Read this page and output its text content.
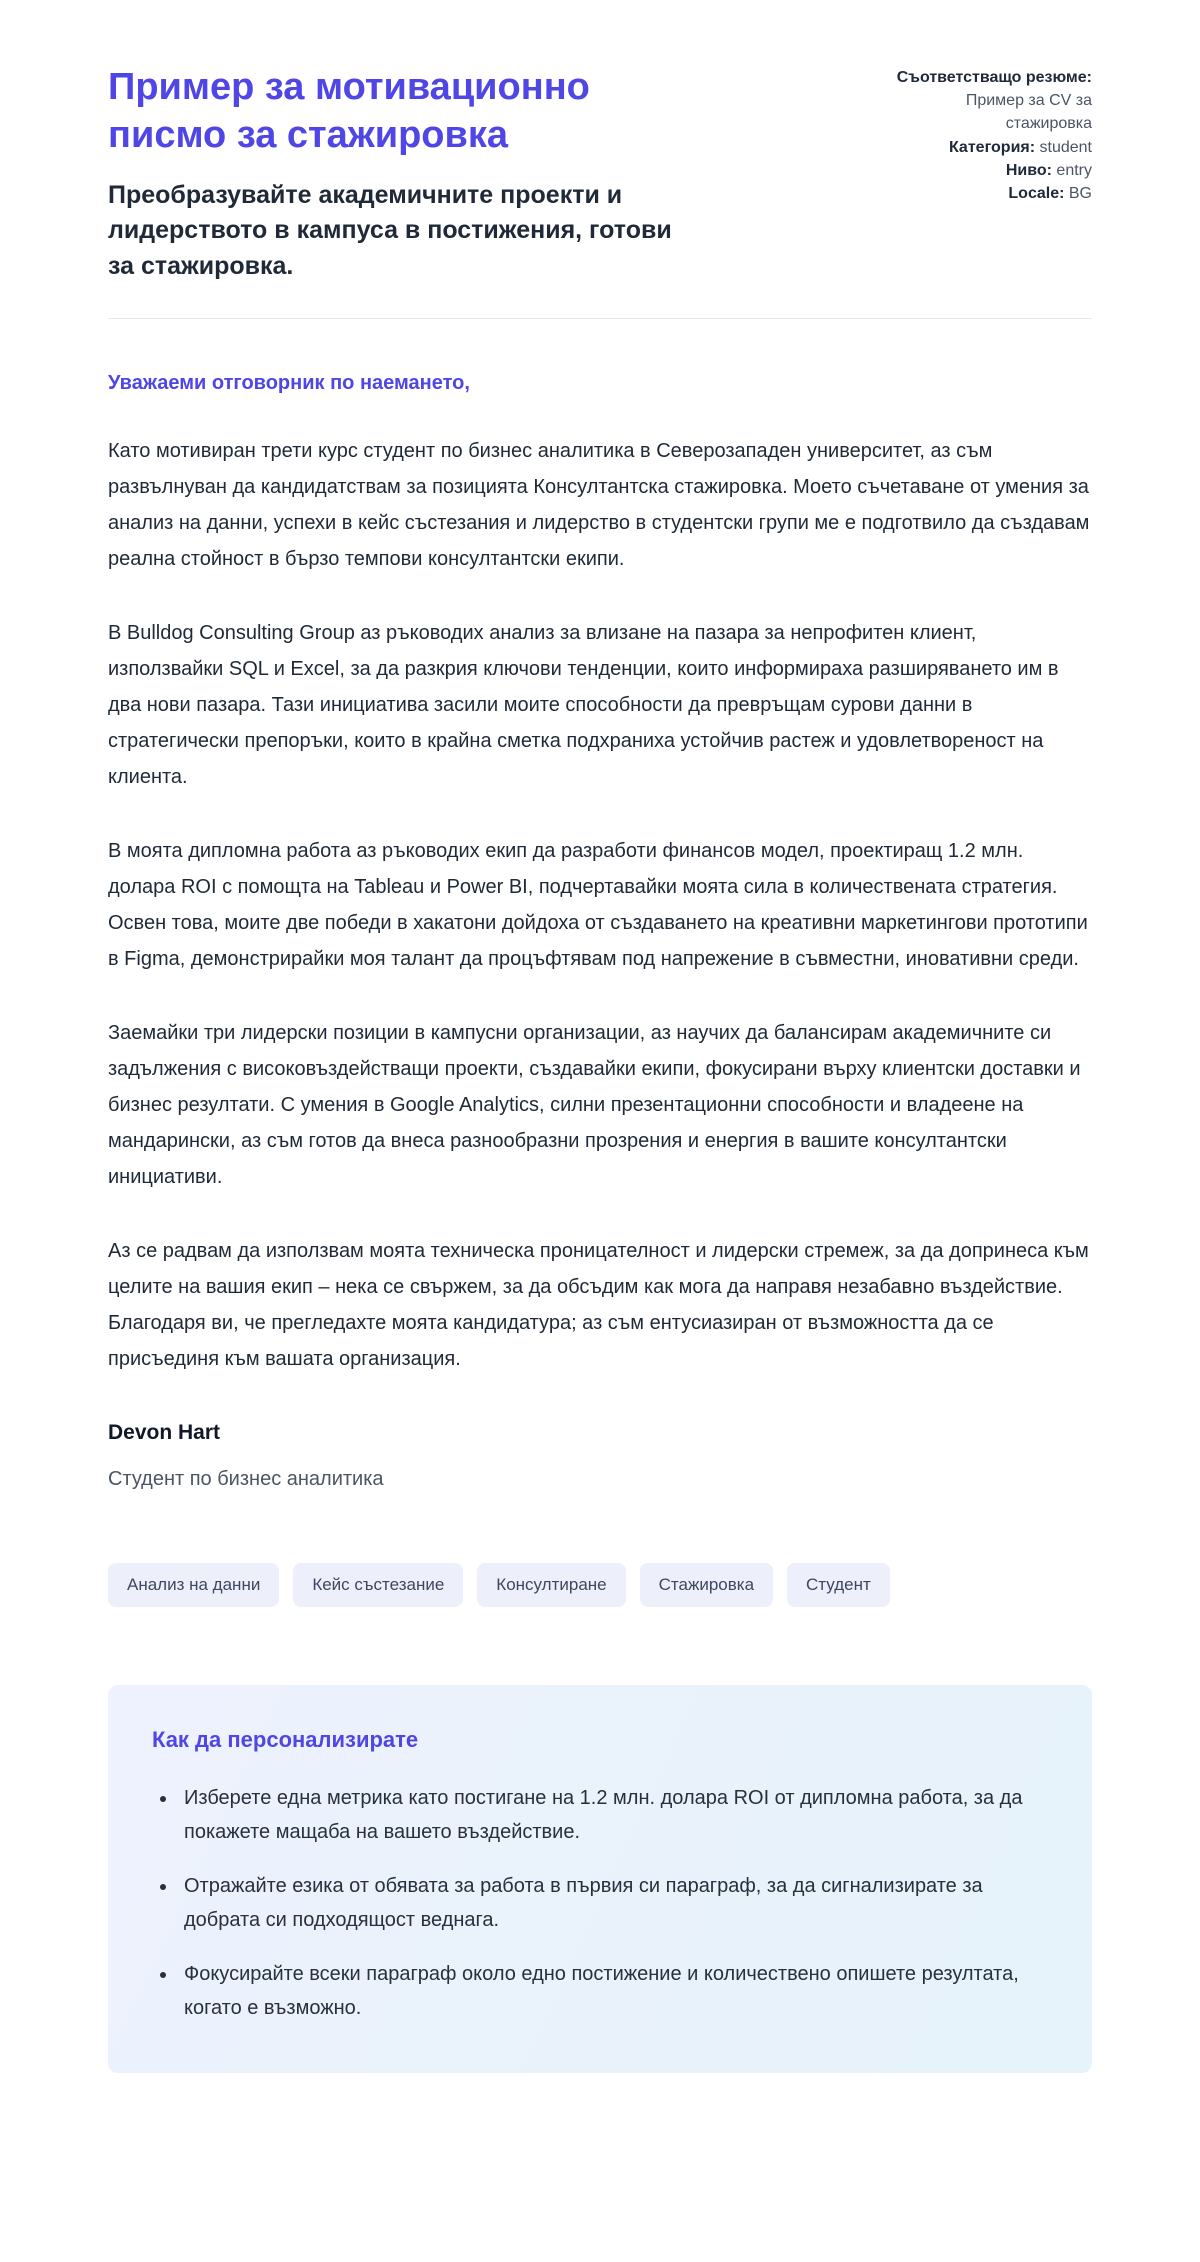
Пример за мотивационно писмо за стажировка
Преобразувайте академичните проекти и лидерството в кампуса в постижения, готови за стажировка.

Съответстващо резюме: Пример за CV за стажировка

Категория: student

Ниво: entry

Locale: BG

Уважаеми отговорник по наемането,

Като мотивиран трети курс студент по бизнес аналитика в Северозападен университет, аз съм развълнуван да кандидатствам за позицията Консултантска стажировка. Моето съчетаване от умения за анализ на данни, успехи в кейс състезания и лидерство в студентски групи ме е подготвило да създавам реална стойност в бързо темпови консултантски екипи.

В Bulldog Consulting Group аз ръководих анализ за влизане на пазара за непрофитен клиент, използвайки SQL и Excel, за да разкрия ключови тенденции, които информираха разширяването им в два нови пазара. Тази инициатива засили моите способности да превръщам сурови данни в стратегически препоръки, които в крайна сметка подхраниха устойчив растеж и удовлетвореност на клиента.

В моята дипломна работа аз ръководих екип да разработи финансов модел, проектиращ 1.2 млн. долара ROI с помощта на Tableau и Power BI, подчертавайки моята сила в количествената стратегия. Освен това, моите две победи в хакатони дойдоха от създаването на креативни маркетингови прототипи в Figma, демонстрирайки моя талант да процъфтявам под напрежение в съвместни, иновативни среди.

Заемайки три лидерски позиции в кампусни организации, аз научих да балансирам академичните си задължения с високовъздействащи проекти, създавайки екипи, фокусирани върху клиентски доставки и бизнес резултати. С умения в Google Analytics, силни презентационни способности и владеене на мандарински, аз съм готов да внеса разнообразни прозрения и енергия в вашите консултантски инициативи.

Аз се радвам да използвам моята техническа проницателност и лидерски стремеж, за да допринеса към целите на вашия екип – нека се свържем, за да обсъдим как мога да направя незабавно въздействие. Благодаря ви, че прегледахте моята кандидатура; аз съм ентусиазиран от възможността да се присъединя към вашата организация.

Devon Hart

Студент по бизнес аналитика

Анализ на данни	Кейс състезание	Консултиране	Стажировка	Студент
Как да персонализирате
• Изберете една метрика като постигане на 1.2 млн. долара ROI от дипломна работа, за да покажете мащаба на вашето въздействие.
• Отражайте езика от обявата за работа в първия си параграф, за да сигнализирате за добрата си подходящост веднага.
• Фокусирайте всеки параграф около едно постижение и количествено опишете резултата, когато е възможно.
